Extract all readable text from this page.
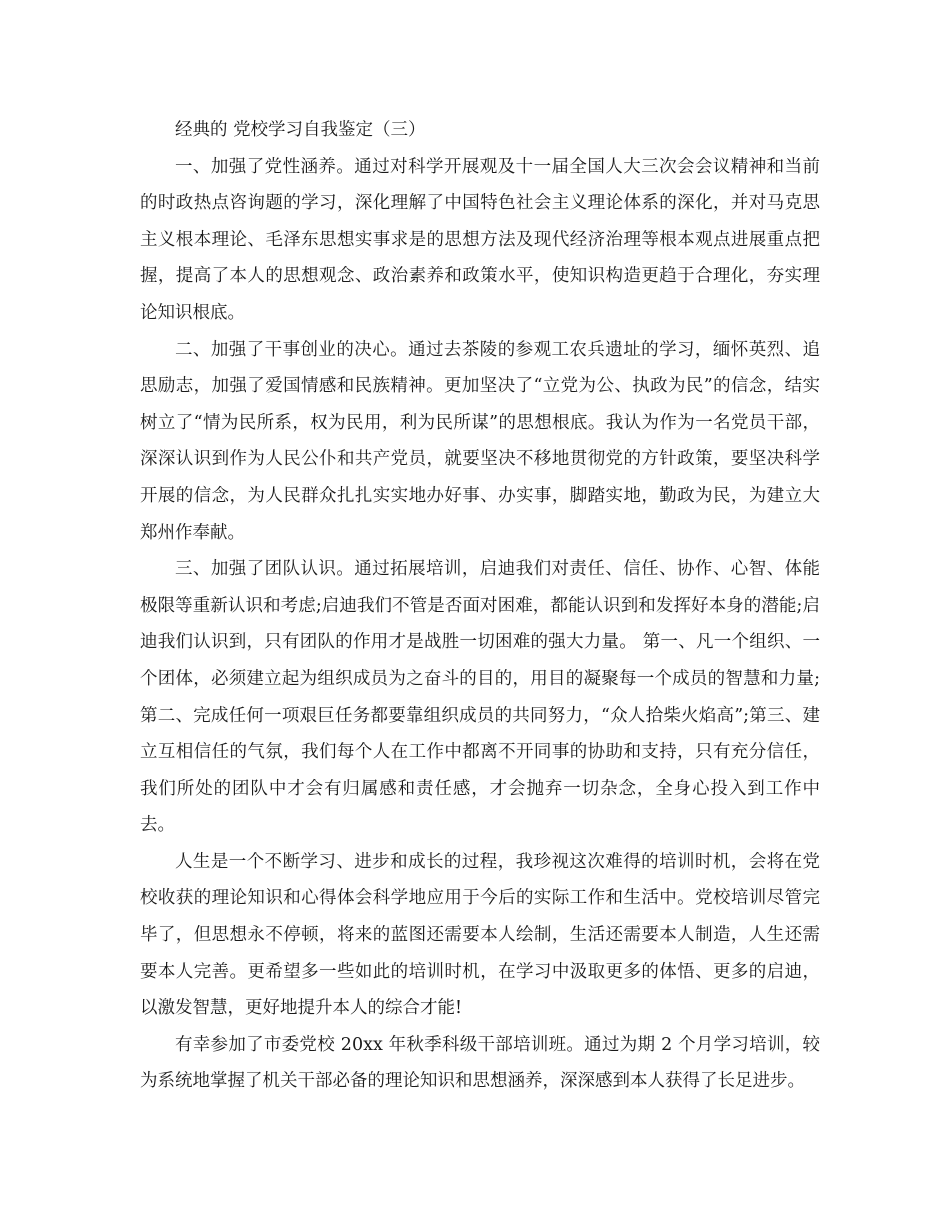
经典的 党校学习自我鉴定（三）

一、加强了党性涵养。通过对科学开展观及十一届全国人大三次会会议精神和当前的时政热点咨询题的学习，深化理解了中国特色社会主义理论体系的深化，并对马克思主义根本理论、毛泽东思想实事求是的思想方法及现代经济治理等根本观点进展重点把握，提高了本人的思想观念、政治素养和政策水平，使知识构造更趋于合理化，夯实理论知识根底。

二、加强了干事创业的决心。通过去茶陵的参观工农兵遗址的学习，缅怀英烈、追思励志，加强了爱国情感和民族精神。更加坚决了“立党为公、执政为民”的信念，结实树立了“情为民所系，权为民用，利为民所谋”的思想根底。我认为作为一名党员干部，深深认识到作为人民公仆和共产党员，就要坚决不移地贯彻党的方针政策，要坚决科学开展的信念，为人民群众扎扎实实地办好事、办实事，脚踏实地，勤政为民，为建立大郑州作奉献。

三、加强了团队认识。通过拓展培训，启迪我们对责任、信任、协作、心智、体能极限等重新认识和考虑;启迪我们不管是否面对困难，都能认识到和发挥好本身的潜能;启迪我们认识到，只有团队的作用才是战胜一切困难的强大力量。 第一、凡一个组织、一个团体，必须建立起为组织成员为之奋斗的目的，用目的凝聚每一个成员的智慧和力量;第二、完成任何一项艰巨任务都要靠组织成员的共同努力，“众人拾柴火焰高”;第三、建立互相信任的气氛，我们每个人在工作中都离不开同事的协助和支持，只有充分信任，我们所处的团队中才会有归属感和责任感，才会抛弃一切杂念，全身心投入到工作中去。

人生是一个不断学习、进步和成长的过程，我珍视这次难得的培训时机，会将在党校收获的理论知识和心得体会科学地应用于今后的实际工作和生活中。党校培训尽管完毕了，但思想永不停顿，将来的蓝图还需要本人绘制，生活还需要本人制造，人生还需要本人完善。更希望多一些如此的培训时机，在学习中汲取更多的体悟、更多的启迪，以激发智慧，更好地提升本人的综合才能!

有幸参加了市委党校 20xx 年秋季科级干部培训班。通过为期 2 个月学习培训，较为系统地掌握了机关干部必备的理论知识和思想涵养，深深感到本人获得了长足进步。
